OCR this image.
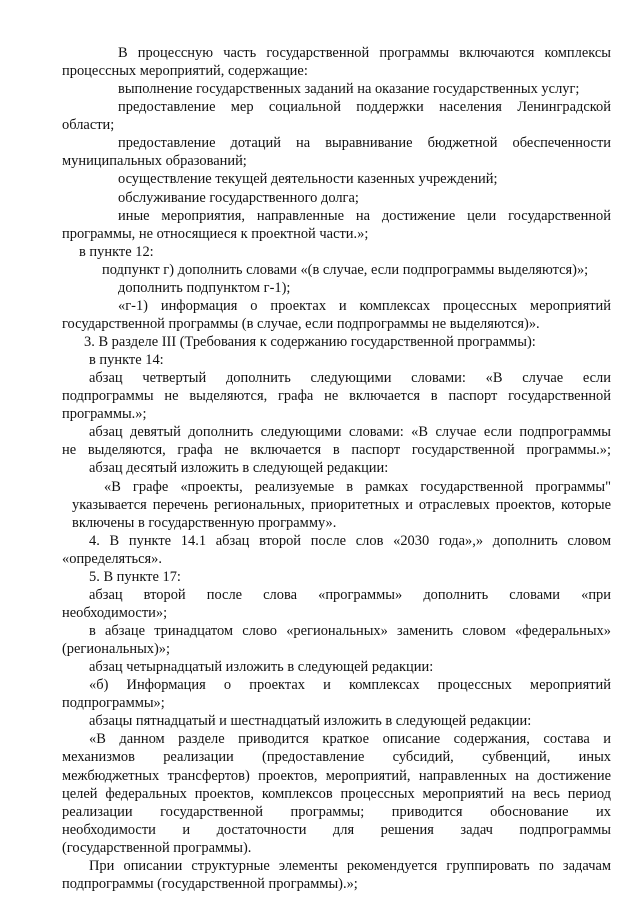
В процессную часть государственной программы включаются комплексы

процессных мероприятий, содержащие:

выполнение государственных заданий на оказание государственных услуг;

предоставление мер социальной поддержки населения Ленинградской

области;

предоставление дотаций на выравнивание бюджетной обеспеченности

муниципальных образований;

осуществление текущей деятельности казенных учреждений;

обслуживание государственного долга;

иные мероприятия, направленные на достижение цели государственной

программы, не относящиеся к проектной части.»;

в пункте 12:

подпункт г) дополнить словами «(в случае, если подпрограммы выделяются)»;

дополнить подпунктом г-1);

«г-1) информация о проектах и комплексах процессных мероприятий

государственной программы (в случае, если подпрограммы не выделяются)».

3. В разделе III (Требования к содержанию государственной программы):

в пункте 14:

абзац четвертый дополнить следующими словами: «В случае если

подпрограммы не выделяются, графа не включается в паспорт государственной

программы.»;

абзац девятый дополнить следующими словами: «В случае если подпрограммы

не выделяются, графа не включается в паспорт государственной программы.»;

абзац десятый изложить в следующей редакции:

«В графе «проекты, реализуемые в рамках государственной программы"

указывается перечень региональных, приоритетных и отраслевых проектов, которые

включены в государственную программу».

4. В пункте 14.1 абзац второй после слов «2030 года»,» дополнить словом

«определяться».

5. В пункте 17:

абзац второй после слова «программы» дополнить словами «при

необходимости»;

в абзаце тринадцатом слово «региональных» заменить словом «федеральных»

(региональных)»;

абзац четырнадцатый изложить в следующей редакции:

«б) Информация о проектах и комплексах процессных мероприятий

подпрограммы»;

абзацы пятнадцатый и шестнадцатый изложить в следующей редакции:

«В данном разделе приводится краткое описание содержания, состава и

механизмов реализации (предоставление субсидий, субвенций, иных

межбюджетных трансфертов) проектов, мероприятий, направленных на достижение

целей федеральных проектов, комплексов процессных мероприятий на весь период

реализации государственной программы; приводится обоснование их

необходимости и достаточности для решения задач подпрограммы

(государственной программы).

При описании структурные элементы рекомендуется группировать по задачам

подпрограммы (государственной программы).»;
